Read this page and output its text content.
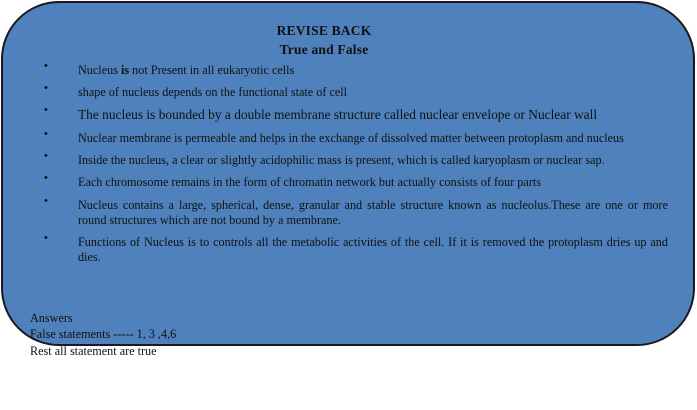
REVISE BACK
True and False
• Nucleus is not Present in all eukaryotic cells
• shape of nucleus depends on the functional state of cell
• The nucleus is bounded by a double membrane structure called nuclear envelope or Nuclear wall
• Nuclear membrane is permeable and helps in the exchange of dissolved matter between protoplasm and nucleus
• Inside the nucleus, a clear or slightly acidophilic mass is present, which is called karyoplasm or nuclear sap.
• Each chromosome remains in the form of chromatin network but actually consists of four parts
• Nucleus contains a large, spherical, dense, granular and stable structure known as nucleolus.These are one or more round structures which are not bound by a membrane.
• Functions of Nucleus is to controls all the metabolic activities of the cell. If it is removed the protoplasm dries up and dies.
Answers
False statements ----- 1, 3 ,4,6
Rest all statement are true
